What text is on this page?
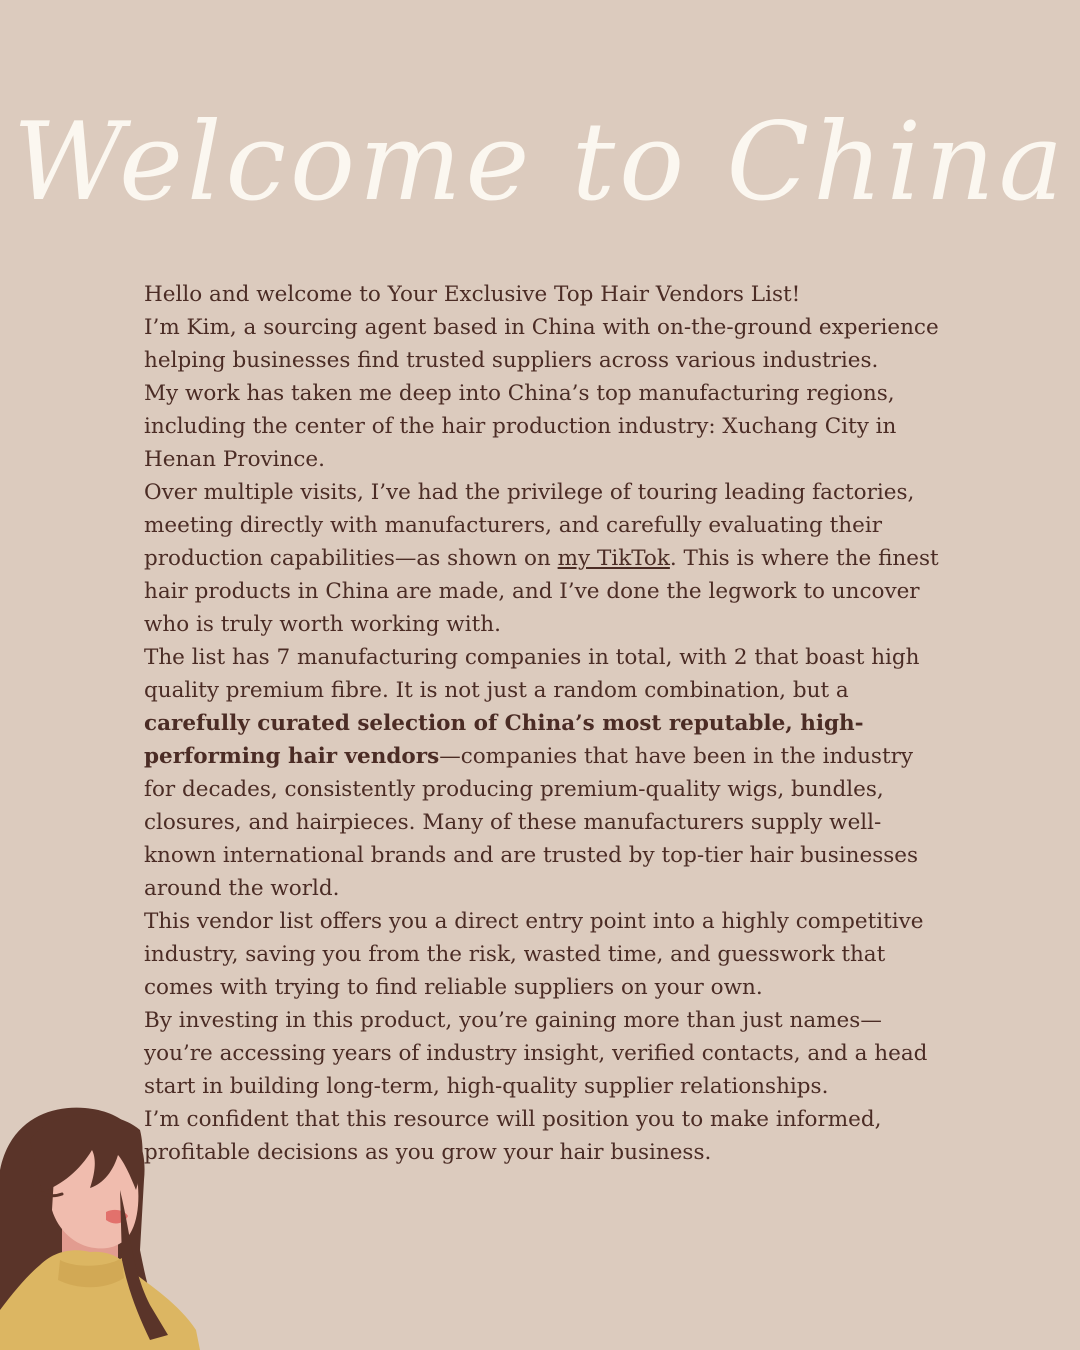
Welcome to China

Hello and welcome to Your Exclusive Top Hair Vendors List!

I’m Kim, a sourcing agent based in China with on-the-ground experience helping businesses find trusted suppliers across various industries.

My work has taken me deep into China’s top manufacturing regions, including the center of the hair production industry: Xuchang City in Henan Province.

Over multiple visits, I’ve had the privilege of touring leading factories, meeting directly with manufacturers, and carefully evaluating their production capabilities—as shown on my TikTok. This is where the finest hair products in China are made, and I’ve done the legwork to uncover who is truly worth working with.

The list has 7 manufacturing companies in total, with 2 that boast high quality premium fibre. It is not just a random combination, but a carefully curated selection of China’s most reputable, high-performing hair vendors—companies that have been in the industry for decades, consistently producing premium-quality wigs, bundles, closures, and hairpieces. Many of these manufacturers supply well-known international brands and are trusted by top-tier hair businesses around the world.

This vendor list offers you a direct entry point into a highly competitive industry, saving you from the risk, wasted time, and guesswork that comes with trying to find reliable suppliers on your own.

By investing in this product, you’re gaining more than just names—you’re accessing years of industry insight, verified contacts, and a head start in building long-term, high-quality supplier relationships.

I’m confident that this resource will position you to make informed, profitable decisions as you grow your hair business.
